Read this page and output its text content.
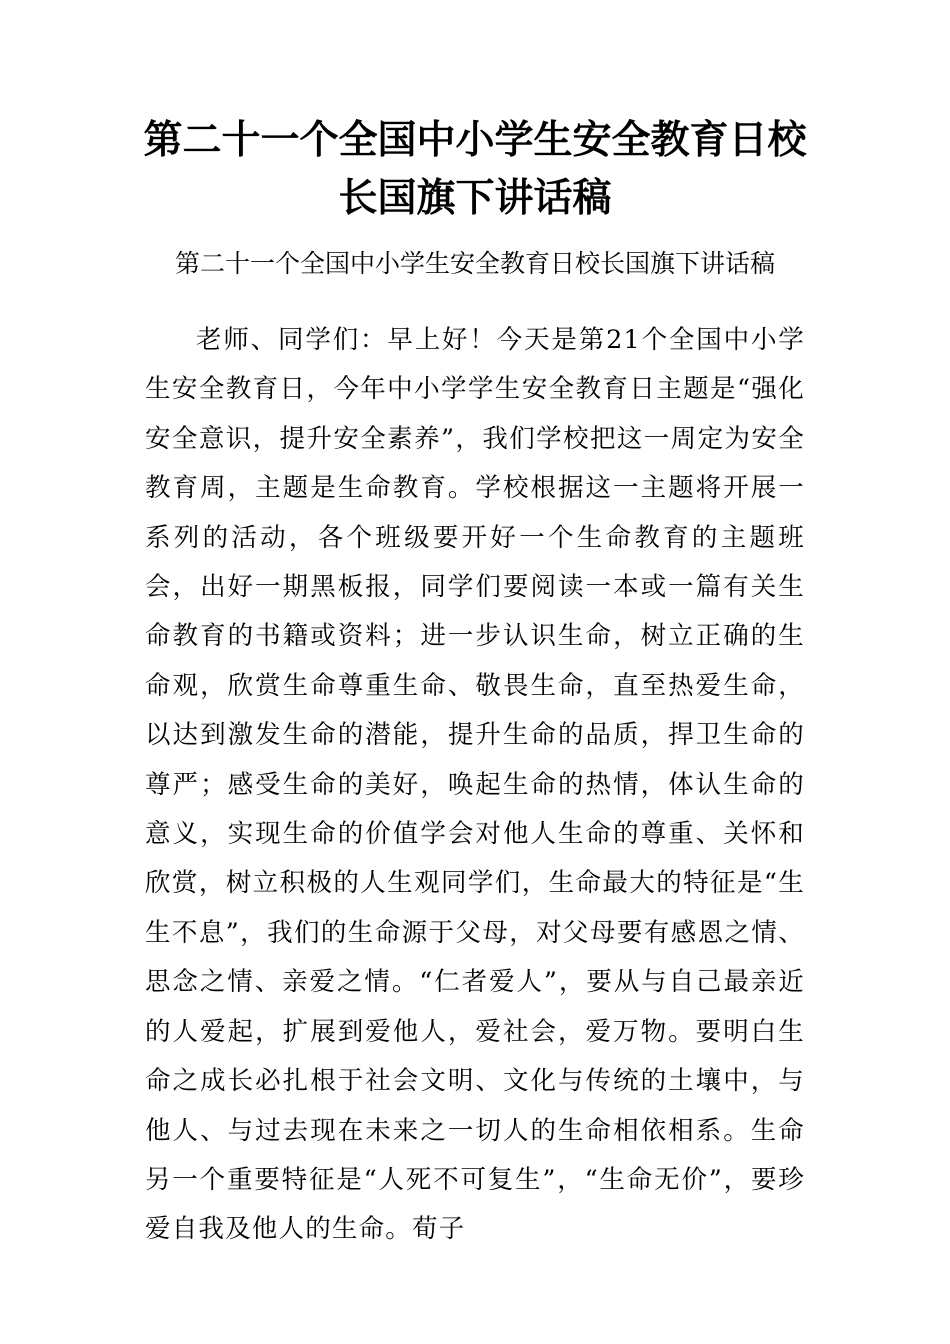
第二十一个全国中小学生安全教育日校长国旗下讲话稿

第二十一个全国中小学生安全教育日校长国旗下讲话稿

老师、同学们：早上好！今天是第21个全国中小学生安全教育日，今年中小学学生安全教育日主题是“强化安全意识，提升安全素养”，我们学校把这一周定为安全教育周，主题是生命教育。学校根据这一主题将开展一系列的活动，各个班级要开好一个生命教育的主题班会，出好一期黑板报，同学们要阅读一本或一篇有关生命教育的书籍或资料；进一步认识生命，树立正确的生命观，欣赏生命尊重生命、敬畏生命，直至热爱生命，以达到激发生命的潜能，提升生命的品质，捍卫生命的尊严；感受生命的美好，唤起生命的热情，体认生命的意义，实现生命的价值学会对他人生命的尊重、关怀和欣赏，树立积极的人生观同学们，生命最大的特征是“生生不息”，我们的生命源于父母，对父母要有感恩之情、思念之情、亲爱之情。“仁者爱人”，要从与自己最亲近的人爱起，扩展到爱他人，爱社会，爱万物。要明白生命之成长必扎根于社会文明、文化与传统的土壤中，与他人、与过去现在未来之一切人的生命相依相系。生命另一个重要特征是“人死不可复生”，“生命无价”，要珍爱自我及他人的生命。荀子
